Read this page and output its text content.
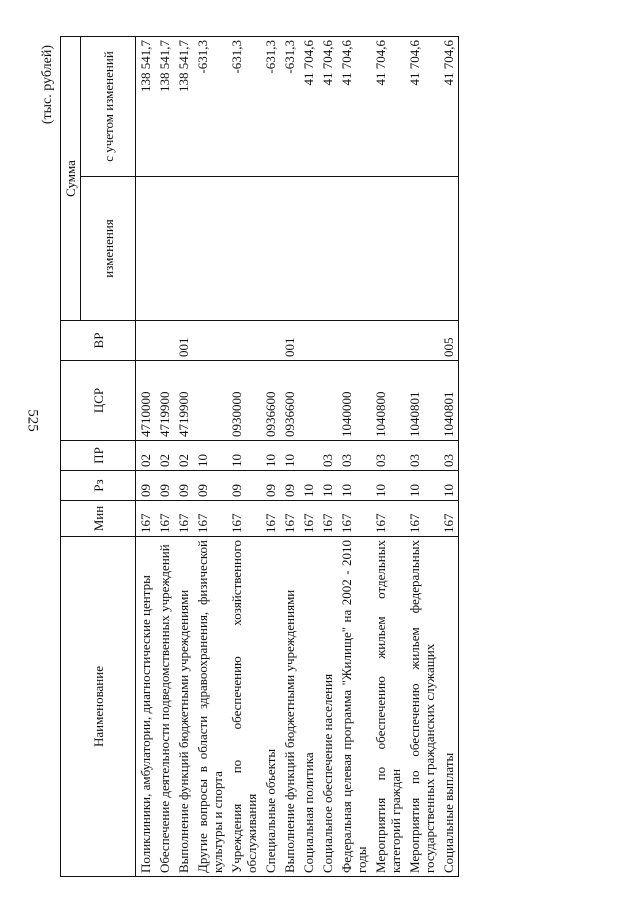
525
(тыс. рублей)
Наименование	Мин	Рз	ПР	ЦСР	ВР	Сумма	
						изменения	с учетом изменений
Поликлиники, амбулатории, диагностические центры	167	09	02	4710000			138 541,7
Обеспечение деятельности подведомственных учреждений	167	09	02	4719900			138 541,7
Выполнение функций бюджетными учреждениями	167	09	02	4719900	001		138 541,7
Другие вопросы в области здравоохранения, физической культуры и спорта	167	09	10				-631,3
Учреждения по обеспечению хозяйственного обслуживания	167	09	10	0930000			-631,3
Специальные объекты	167	09	10	0936600			-631,3
Выполнение функций бюджетными учреждениями	167	09	10	0936600	001		-631,3
Социальная политика	167	10					41 704,6
Социальное обеспечение населения	167	10	03				41 704,6
Федеральная целевая программа "Жилище" на 2002 - 2010 годы	167	10	03	1040000			41 704,6
Мероприятия по обеспечению жильем отдельных категорий граждан	167	10	03	1040800			41 704,6
Мероприятия по обеспечению жильем федеральных государственных гражданских служащих	167	10	03	1040801			41 704,6
Социальные выплаты	167	10	03	1040801	005		41 704,6
